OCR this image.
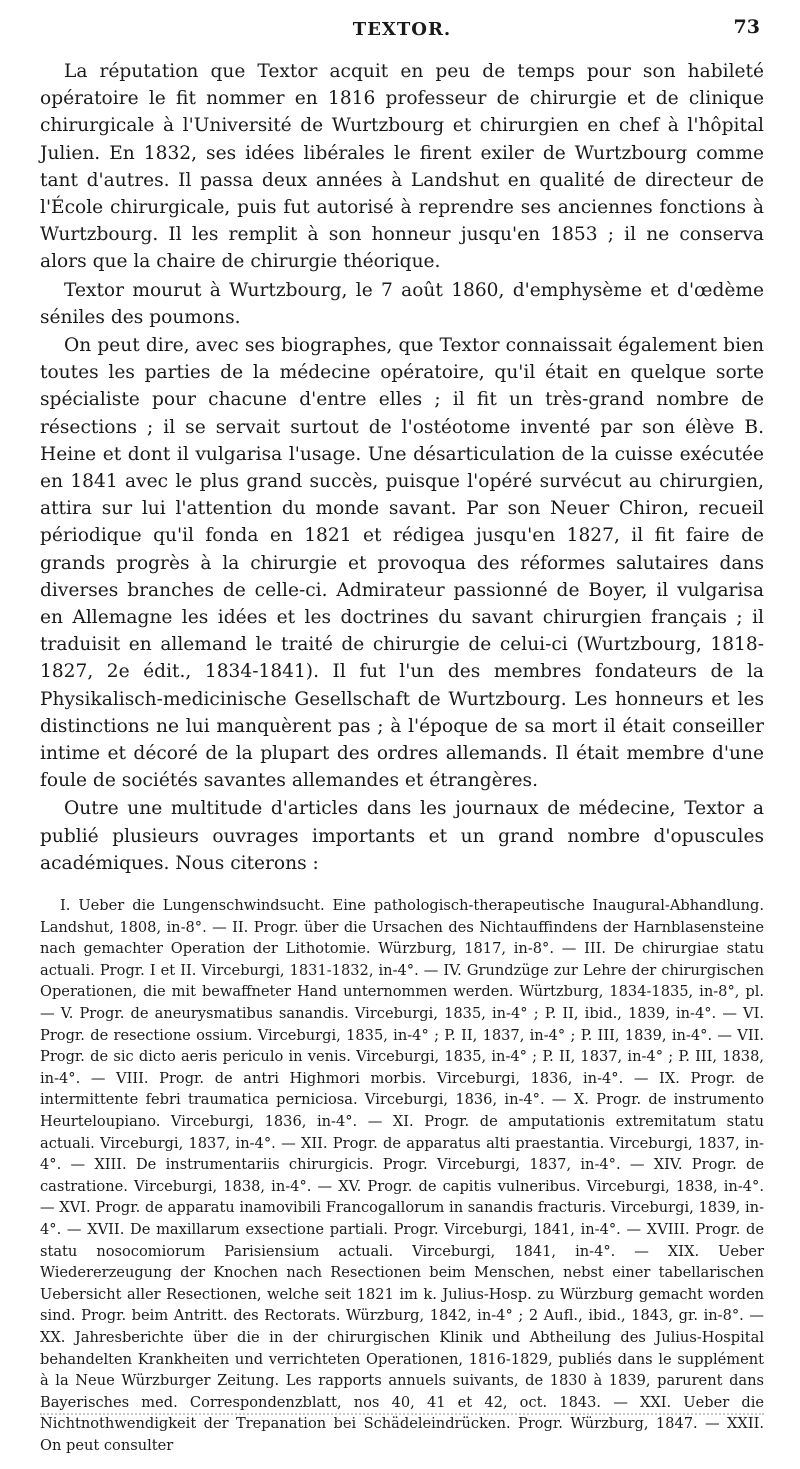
TEXTOR.	73

La réputation que Textor acquit en peu de temps pour son habileté opératoire le fit nommer en 1816 professeur de chirurgie et de clinique chirurgicale à l'Université de Wurtzbourg et chirurgien en chef à l'hôpital Julien. En 1832, ses idées libérales le firent exiler de Wurtzbourg comme tant d'autres. Il passa deux années à Landshut en qualité de directeur de l'École chirurgicale, puis fut autorisé à reprendre ses anciennes fonctions à Wurtzbourg. Il les remplit à son honneur jusqu'en 1853 ; il ne conserva alors que la chaire de chirurgie théorique.

Textor mourut à Wurtzbourg, le 7 août 1860, d'emphysème et d'œdème séniles des poumons.

On peut dire, avec ses biographes, que Textor connaissait également bien toutes les parties de la médecine opératoire, qu'il était en quelque sorte spécialiste pour chacune d'entre elles ; il fit un très-grand nombre de résections ; il se servait surtout de l'ostéotome inventé par son élève B. Heine et dont il vulgarisa l'usage. Une désarticulation de la cuisse exécutée en 1841 avec le plus grand succès, puisque l'opéré survécut au chirurgien, attira sur lui l'attention du monde savant. Par son Neuer Chiron, recueil périodique qu'il fonda en 1821 et rédigea jusqu'en 1827, il fit faire de grands progrès à la chirurgie et provoqua des réformes salutaires dans diverses branches de celle-ci. Admirateur passionné de Boyer, il vulgarisa en Allemagne les idées et les doctrines du savant chirurgien français ; il traduisit en allemand le traité de chirurgie de celui-ci (Wurtzbourg, 1818-1827, 2e édit., 1834-1841). Il fut l'un des membres fondateurs de la Physikalisch-medicinische Gesellschaft de Wurtzbourg. Les honneurs et les distinctions ne lui manquèrent pas ; à l'époque de sa mort il était conseiller intime et décoré de la plupart des ordres allemands. Il était membre d'une foule de sociétés savantes allemandes et étrangères.

Outre une multitude d'articles dans les journaux de médecine, Textor a publié plusieurs ouvrages importants et un grand nombre d'opuscules académiques. Nous citerons :

I. Ueber die Lungenschwindsucht. Eine pathologisch-therapeutische Inaugural-Abhandlung. Landshut, 1808, in-8°. — II. Progr. über die Ursachen des Nichtauffindens der Harnblasensteine nach gemachter Operation der Lithotomie. Würzburg, 1817, in-8°. — III. De chirurgiae statu actuali. Progr. I et II. Virceburgi, 1831-1832, in-4°. — IV. Grundzüge zur Lehre der chirurgischen Operationen, die mit bewaffneter Hand unternommen werden. Würtzburg, 1834-1835, in-8°, pl. — V. Progr. de aneurysmatibus sanandis. Virceburgi, 1835, in-4° ; P. II, ibid., 1839, in-4°. — VI. Progr. de resectione ossium. Virceburgi, 1835, in-4° ; P. II, 1837, in-4° ; P. III, 1839, in-4°. — VII. Progr. de sic dicto aeris periculo in venis. Virceburgi, 1835, in-4° ; P. II, 1837, in-4° ; P. III, 1838, in-4°. — VIII. Progr. de antri Highmori morbis. Virceburgi, 1836, in-4°. — IX. Progr. de intermittente febri traumatica perniciosa. Virceburgi, 1836, in-4°. — X. Progr. de instrumento Heurteloupiano. Virceburgi, 1836, in-4°. — XI. Progr. de amputationis extremitatum statu actuali. Virceburgi, 1837, in-4°. — XII. Progr. de apparatus alti praestantia. Virceburgi, 1837, in-4°. — XIII. De instrumentariis chirurgicis. Progr. Virceburgi, 1837, in-4°. — XIV. Progr. de castratione. Virceburgi, 1838, in-4°. — XV. Progr. de capitis vulneribus. Virceburgi, 1838, in-4°. — XVI. Progr. de apparatu inamovibili Francogallorum in sanandis fracturis. Virceburgi, 1839, in-4°. — XVII. De maxillarum exsectione partiali. Progr. Virceburgi, 1841, in-4°. — XVIII. Progr. de statu nosocomiorum Parisiensium actuali. Virceburgi, 1841, in-4°. — XIX. Ueber Wiedererzeugung der Knochen nach Resectionen beim Menschen, nebst einer tabellarischen Uebersicht aller Resectionen, welche seit 1821 im k. Julius-Hosp. zu Würzburg gemacht worden sind. Progr. beim Antritt. des Rectorats. Würzburg, 1842, in-4° ; 2 Aufl., ibid., 1843, gr. in-8°. — XX. Jahresberichte über die in der chirurgischen Klinik und Abtheilung des Julius-Hospital behandelten Krankheiten und verrichteten Operationen, 1816-1829, publiés dans le supplément à la Neue Würzburger Zeitung. Les rapports annuels suivants, de 1830 à 1839, parurent dans Bayerisches med. Correspondenzblatt, nos 40, 41 et 42, oct. 1843. — XXI. Ueber die Nichtnothwendigkeit der Trepanation bei Schädeleindrücken. Progr. Würzburg, 1847. — XXII. On peut consulter
